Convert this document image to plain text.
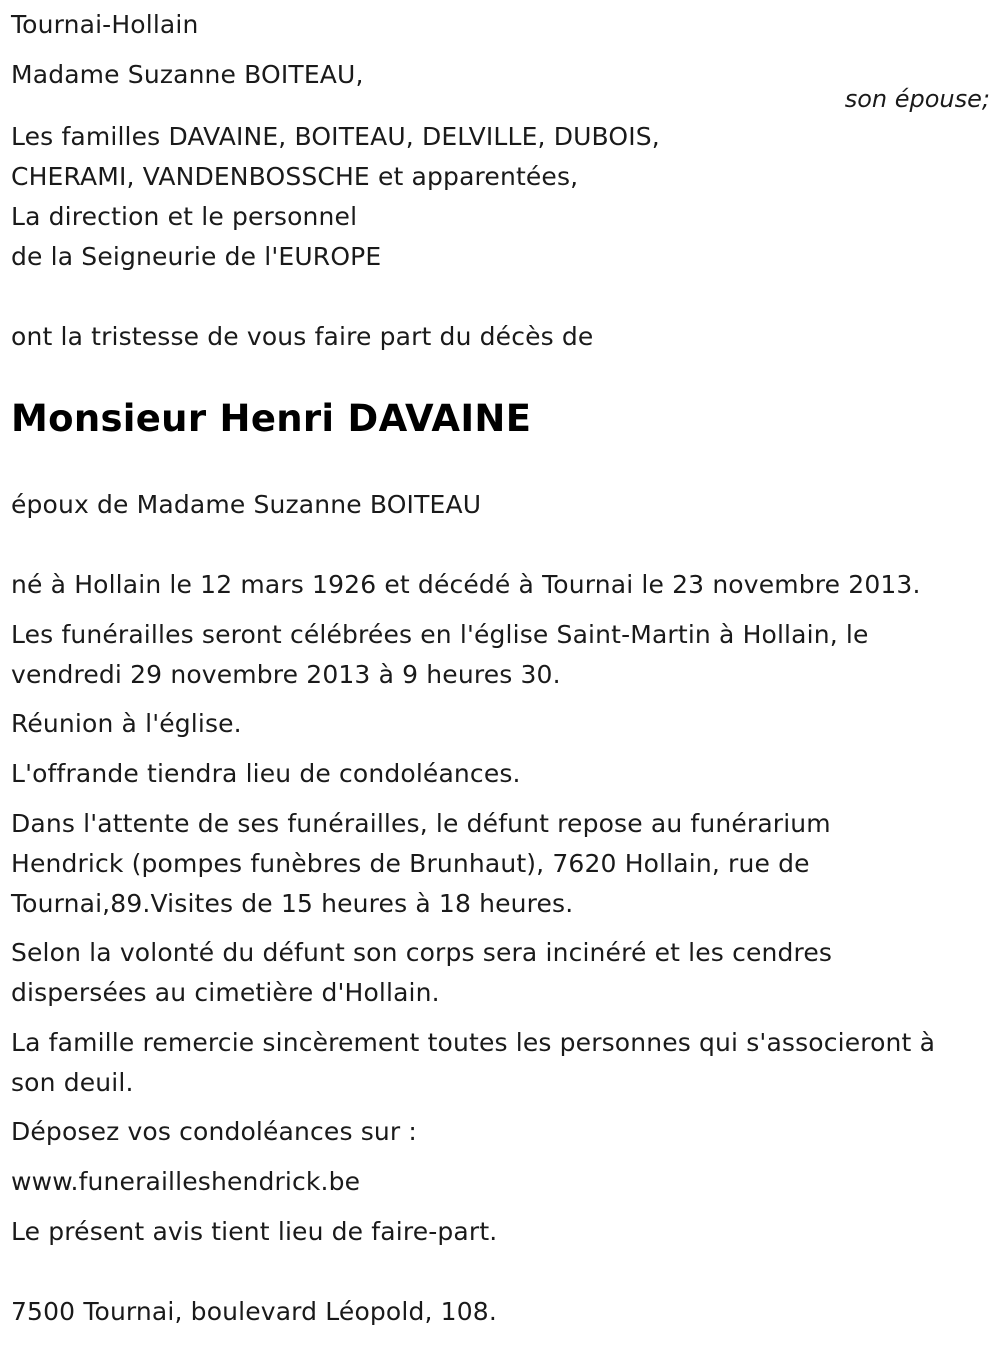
Tournai-Hollain

Madame Suzanne BOITEAU,

son épouse;

Les familles DAVAINE, BOITEAU, DELVILLE, DUBOIS,
CHERAMI, VANDENBOSSCHE et apparentées,
La direction et le personnel
de la Seigneurie de l'EUROPE

ont la tristesse de vous faire part du décès de

Monsieur Henri DAVAINE

époux de Madame Suzanne BOITEAU

né à Hollain le 12 mars 1926 et décédé à Tournai le 23 novembre 2013.

Les funérailles seront célébrées en l'église Saint-Martin à Hollain, le
vendredi 29 novembre 2013 à 9 heures 30.

Réunion à l'église.

L'offrande tiendra lieu de condoléances.

Dans l'attente de ses funérailles, le défunt repose au funérarium
Hendrick (pompes funèbres de Brunhaut), 7620 Hollain, rue de
Tournai,89.Visites de 15 heures à 18 heures.

Selon la volonté du défunt son corps sera incinéré et les cendres
dispersées au cimetière d'Hollain.

La famille remercie sincèrement toutes les personnes qui s'associeront à
son deuil.

Déposez vos condoléances sur :

www.funerailleshendrick.be

Le présent avis tient lieu de faire-part.

7500 Tournai, boulevard Léopold, 108.
